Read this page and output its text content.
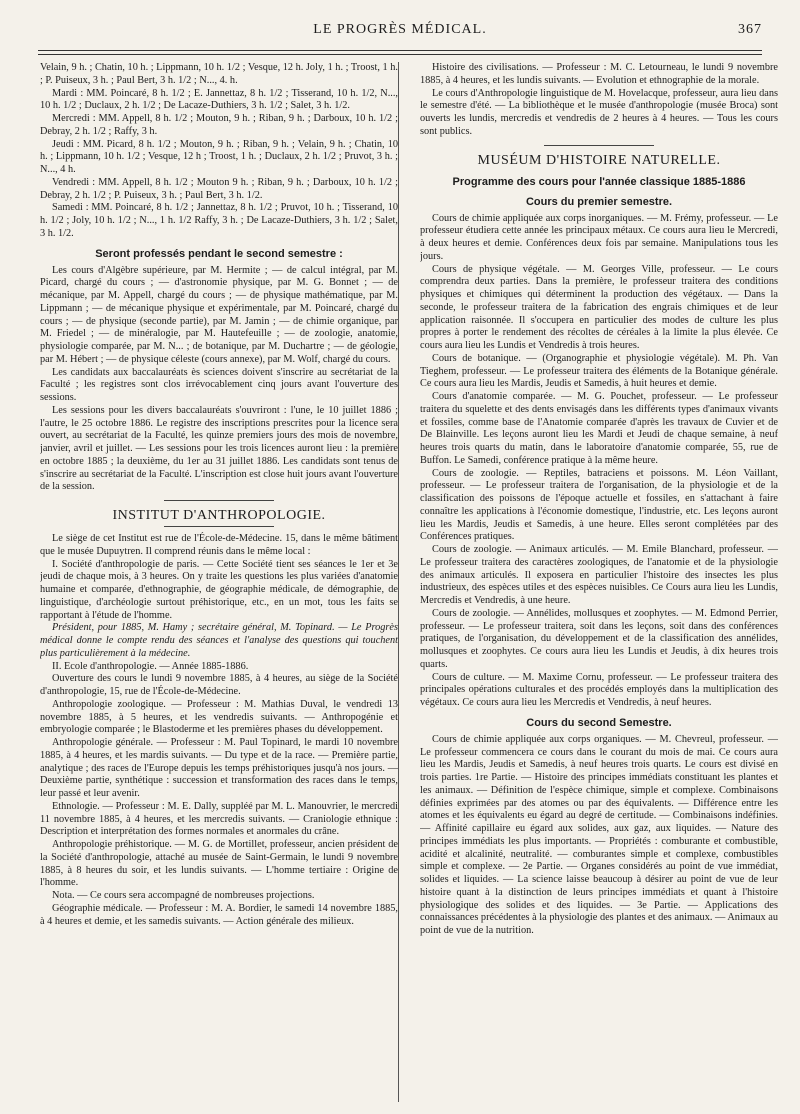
LE PROGRÈS MÉDICAL.	367

Velain, 9 h. ; Chatin, 10 h. ; Lippmann, 10 h. 1/2 ; Vesque, 12 h. Joly, 1 h. ; Troost, 1 h. ; P. Puiseux, 3 h. ; Paul Bert, 3 h. 1/2 ; N..., 4. h.

Mardi : MM. Poincaré, 8 h. 1/2 ; E. Jannettaz, 8 h. 1/2 ; Tisserand, 10 h. 1/2, N..., 10 h. 1/2 ; Duclaux, 2 h. 1/2 ; De Lacaze-Duthiers, 3 h. 1/2 ; Salet, 3 h. 1/2.

Mercredi : MM. Appell, 8 h. 1/2 ; Mouton, 9 h. ; Riban, 9 h. ; Darboux, 10 h. 1/2 ; Debray, 2 h. 1/2 ; Raffy, 3 h.

Jeudi : MM. Picard, 8 h. 1/2 ; Mouton, 9 h. ; Riban, 9 h. ; Velain, 9 h. ; Chatin, 10 h. ; Lippmann, 10 h. 1/2 ; Vesque, 12 h ; Troost, 1 h. ; Duclaux, 2 h. 1/2 ; Pruvot, 3 h. ; N..., 4 h.

Vendredi : MM. Appell, 8 h. 1/2 ; Mouton 9 h. ; Riban, 9 h. ; Darboux, 10 h. 1/2 ; Debray, 2 h. 1/2 ; P. Puiseux, 3 h. ; Paul Bert, 3 h. 1/2.

Samedi : MM. Poincaré, 8 h. 1/2 ; Jannettaz, 8 h. 1/2 ; Pruvot, 10 h. ; Tisserand, 10 h. 1/2 ; Joly, 10 h. 1/2 ; N..., 1 h. 1/2 Raffy, 3 h. ; De Lacaze-Duthiers, 3 h. 1/2 ; Salet, 3 h. 1/2.

Seront professés pendant le second semestre :

Les cours d'Algèbre supérieure, par M. Hermite ; — de calcul intégral, par M. Picard, chargé du cours ; — d'astronomie physique, par M. G. Bonnet ; — de mécanique, par M. Appell, chargé du cours ; — de physique mathématique, par M. Lippmann ; — de mécanique physique et expérimentale, par M. Poincaré, chargé du cours ; — de physique (seconde partie), par M. Jamin ; — de chimie organique, par M. Friedel ; — de minéralogie, par M. Hautefeuille ; — de zoologie, anatomie, physiologie comparée, par M. N... ; de botanique, par M. Duchartre ; — de géologie, par M. Hébert ; — de physique céleste (cours annexe), par M. Wolf, chargé du cours.

Les candidats aux baccalauréats ès sciences doivent s'inscrire au secrétariat de la Faculté ; les registres sont clos irrévocablement cinq jours avant l'ouverture des sessions.

Les sessions pour les divers baccalauréats s'ouvriront : l'une, le 10 juillet 1886 ; l'autre, le 25 octobre 1886. Le registre des inscriptions prescrites pour la licence sera ouvert, au secrétariat de la Faculté, les quinze premiers jours des mois de novembre, janvier, avril et juillet. — Les sessions pour les trois licences auront lieu : la première en octobre 1885 ; la deuxième, du 1er au 31 juillet 1886. Les candidats sont tenus de s'inscrire au secrétariat de la Faculté. L'inscription est close huit jours avant l'ouverture de la session.

INSTITUT D'ANTHROPOLOGIE.

Le siège de cet Institut est rue de l'École-de-Médecine. 15, dans le même bâtiment que le musée Dupuytren. Il comprend réunis dans le même local :

I. Société d'anthropologie de paris. — Cette Société tient ses séances le 1er et 3e jeudi de chaque mois, à 3 heures. On y traite les questions les plus variées d'anatomie humaine et comparée, d'ethnographie, de géographie médicale, de démographie, de linguistique, d'archéologie surtout préhistorique, etc., en un mot, tous les faits se rapportant à l'étude de l'homme.

Président, pour 1885, M. Hamy ; secrétaire général, M. Topinard. — Le Progrès médical donne le compte rendu des séances et l'analyse des questions qui touchent plus particulièrement à la médecine.

II. Ecole d'anthropologie. — Année 1885-1886.

Ouverture des cours le lundi 9 novembre 1885, à 4 heures, au siège de la Société d'anthropologie, 15, rue de l'École-de-Médecine.

Anthropologie zoologique. — Professeur : M. Mathias Duval, le vendredi 13 novembre 1885, à 5 heures, et les vendredis suivants. — Anthropogénie et embryologie comparée ; le Blastoderme et les premières phases du développement.

Anthropologie générale. — Professeur : M. Paul Topinard, le mardi 10 novembre 1885, à 4 heures, et les mardis suivants. — Du type et de la race. — Première partie, analytique ; des races de l'Europe depuis les temps préhistoriques jusqu'à nos jours. — Deuxième partie, synthétique : succession et transformation des races dans le temps, leur passé et leur avenir.

Ethnologie. — Professeur : M. E. Dally, suppléé par M. L. Manouvrier, le mercredi 11 novembre 1885, à 4 heures, et les mercredis suivants. — Craniologie ethnique : Description et interprétation des formes normales et anormales du crâne.

Anthropologie préhistorique. — M. G. de Mortillet, professeur, ancien président de la Société d'anthropologie, attaché au musée de Saint-Germain, le lundi 9 novembre 1885, à 8 heures du soir, et les lundis suivants. — L'homme tertiaire : Origine de l'homme.

Nota. — Ce cours sera accompagné de nombreuses projections.

Géographie médicale. — Professeur : M. A. Bordier, le samedi 14 novembre 1885, à 4 heures et demie, et les samedis suivants. — Action générale des milieux.

Histoire des civilisations. — Professeur : M. C. Letourneau, le lundi 9 novembre 1885, à 4 heures, et les lundis suivants. — Evolution et ethnographie de la morale.

Le cours d'Anthropologie linguistique de M. Hovelacque, professeur, aura lieu dans le semestre d'été. — La bibliothèque et le musée d'anthropologie (musée Broca) sont ouverts les lundis, mercredis et vendredis de 2 heures à 4 heures. — Tous les cours sont publics.

MUSÉUM D'HISTOIRE NATURELLE.
Programme des cours pour l'année classique 1885-1886
Cours du premier semestre.

Cours de chimie appliquée aux corps inorganiques. — M. Frémy, professeur. — Le professeur étudiera cette année les principaux métaux. Ce cours aura lieu le Mercredi, à deux heures et demie. Conférences deux fois par semaine. Manipulations tous les jours.

Cours de physique végétale. — M. Georges Ville, professeur. — Le cours comprendra deux parties. Dans la première, le professeur traitera des conditions physiques et chimiques qui déterminent la production des végétaux. — Dans la seconde, le professeur traitera de la fabrication des engrais chimiques et de leur application raisonnée. Il s'occupera en particulier des modes de culture les plus propres à porter le rendement des récoltes de céréales à la limite la plus élevée. Ce cours aura lieu les Lundis et Vendredis à trois heures.

Cours de botanique. — (Organographie et physiologie végétale). M. Ph. Van Tieghem, professeur. — Le professeur traitera des éléments de la Botanique générale. Ce cours aura lieu les Mardis, Jeudis et Samedis, à huit heures et demie.

Cours d'anatomie comparée. — M. G. Pouchet, professeur. — Le professeur traitera du squelette et des dents envisagés dans les différents types d'animaux vivants et fossiles, comme base de l'Anatomie comparée d'après les travaux de Cuvier et de De Blainville. Les leçons auront lieu les Mardi et Jeudi de chaque semaine, à neuf heures trois quarts du matin, dans le laboratoire d'anatomie comparée, 55, rue de Buffon. Le Samedi, conférence pratique à la même heure.

Cours de zoologie. — Reptiles, batraciens et poissons. M. Léon Vaillant, professeur. — Le professeur traitera de l'organisation, de la physiologie et de la classification des poissons de l'époque actuelle et fossiles, en s'attachant à faire connaître les applications à l'économie domestique, l'industrie, etc. Les leçons auront lieu les Mardis, Jeudis et Samedis, à une heure. Elles seront complétées par des Conférences pratiques.

Cours de zoologie. — Animaux articulés. — M. Emile Blanchard, professeur. — Le professeur traitera des caractères zoologiques, de l'anatomie et de la physiologie des animaux articulés. Il exposera en particulier l'histoire des insectes les plus industrieux, des espèces utiles et des espèces nuisibles. Ce Cours aura lieu les Lundis, Mercredis et Vendredis, à une heure.

Cours de zoologie. — Annélides, mollusques et zoophytes. — M. Edmond Perrier, professeur. — Le professeur traitera, soit dans les leçons, soit dans des conférences pratiques, de l'organisation, du développement et de la classification des annélides, mollusques et zoophytes. Ce cours aura lieu les Lundis et Jeudis, à dix heures trois quarts.

Cours de culture. — M. Maxime Cornu, professeur. — Le professeur traitera des principales opérations culturales et des procédés employés dans la multiplication des végétaux. Ce cours aura lieu les Mercredis et Vendredis, à neuf heures.

Cours du second Semestre.

Cours de chimie appliquée aux corps organiques. — M. Chevreul, professeur. — Le professeur commencera ce cours dans le courant du mois de mai. Ce cours aura lieu les Mardis, Jeudis et Samedis, à neuf heures trois quarts. Le cours est divisé en trois parties. 1re Partie. — Histoire des principes immédiats constituant les plantes et les animaux. — Définition de l'espèce chimique, simple et complexe. Combinaisons définies exprimées par des atomes ou par des équivalents. — Différence entre les atomes et les équivalents eu égard au degré de certitude. — Combinaisons indéfinies. — Affinité capillaire eu égard aux solides, aux gaz, aux liquides. — Nature des principes immédiats les plus importants. — Propriétés : comburante et combustible, acidité et alcalinité, neutralité. — comburantes simple et complexe, combustibles simple et complexe. — 2e Partie. — Organes considérés au point de vue immédiat, solides et liquides. — La science laisse beaucoup à désirer au point de vue de leur histoire quant à la distinction de leurs principes immédiats et quant à l'histoire physiologique des solides et des liquides. — 3e Partie. — Applications des connaissances précédentes à la physiologie des plantes et des animaux. — Animaux au point de vue de la nutrition.
